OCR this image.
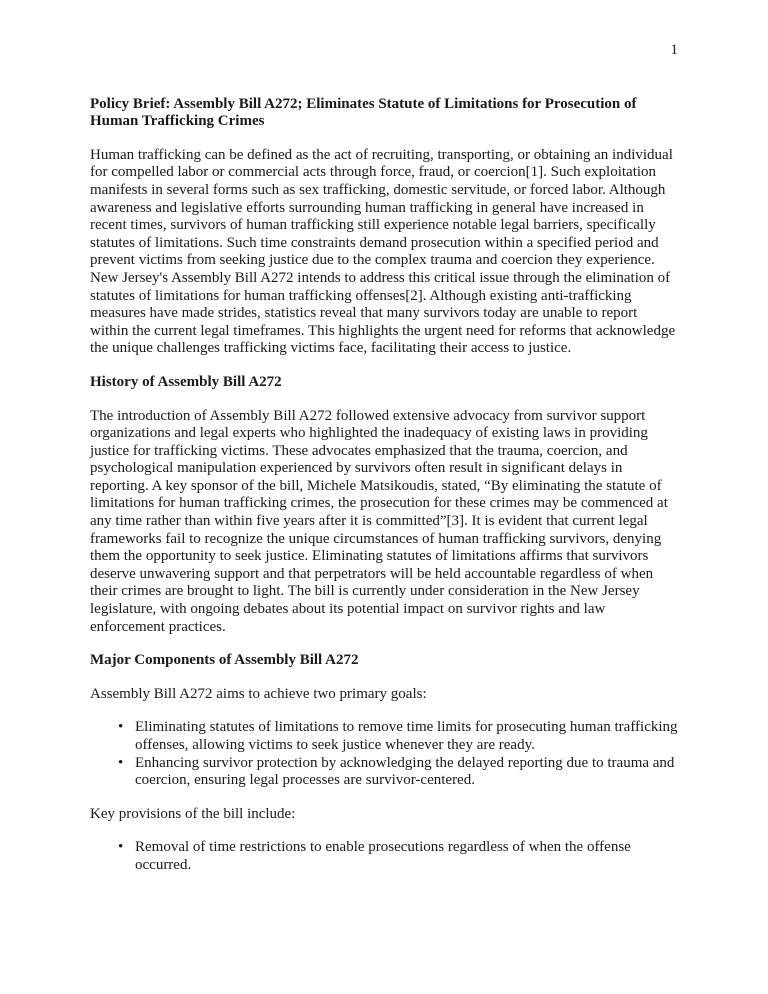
1
Policy Brief: Assembly Bill A272; Eliminates Statute of Limitations for Prosecution of Human Trafficking Crimes

Human trafficking can be defined as the act of recruiting, transporting, or obtaining an individual for compelled labor or commercial acts through force, fraud, or coercion[1]. Such exploitation manifests in several forms such as sex trafficking, domestic servitude, or forced labor. Although awareness and legislative efforts surrounding human trafficking in general have increased in recent times, survivors of human trafficking still experience notable legal barriers, specifically statutes of limitations. Such time constraints demand prosecution within a specified period and prevent victims from seeking justice due to the complex trauma and coercion they experience. New Jersey's Assembly Bill A272 intends to address this critical issue through the elimination of statutes of limitations for human trafficking offenses[2]. Although existing anti-trafficking measures have made strides, statistics reveal that many survivors today are unable to report within the current legal timeframes. This highlights the urgent need for reforms that acknowledge the unique challenges trafficking victims face, facilitating their access to justice.

History of Assembly Bill A272

The introduction of Assembly Bill A272 followed extensive advocacy from survivor support organizations and legal experts who highlighted the inadequacy of existing laws in providing justice for trafficking victims. These advocates emphasized that the trauma, coercion, and psychological manipulation experienced by survivors often result in significant delays in reporting. A key sponsor of the bill, Michele Matsikoudis, stated, “By eliminating the statute of limitations for human trafficking crimes, the prosecution for these crimes may be commenced at any time rather than within five years after it is committed”[3]. It is evident that current legal frameworks fail to recognize the unique circumstances of human trafficking survivors, denying them the opportunity to seek justice. Eliminating statutes of limitations affirms that survivors deserve unwavering support and that perpetrators will be held accountable regardless of when their crimes are brought to light. The bill is currently under consideration in the New Jersey legislature, with ongoing debates about its potential impact on survivor rights and law enforcement practices.

Major Components of Assembly Bill A272

Assembly Bill A272 aims to achieve two primary goals:

• Eliminating statutes of limitations to remove time limits for prosecuting human trafficking offenses, allowing victims to seek justice whenever they are ready.
• Enhancing survivor protection by acknowledging the delayed reporting due to trauma and coercion, ensuring legal processes are survivor-centered.

Key provisions of the bill include:

• Removal of time restrictions to enable prosecutions regardless of when the offense occurred.
